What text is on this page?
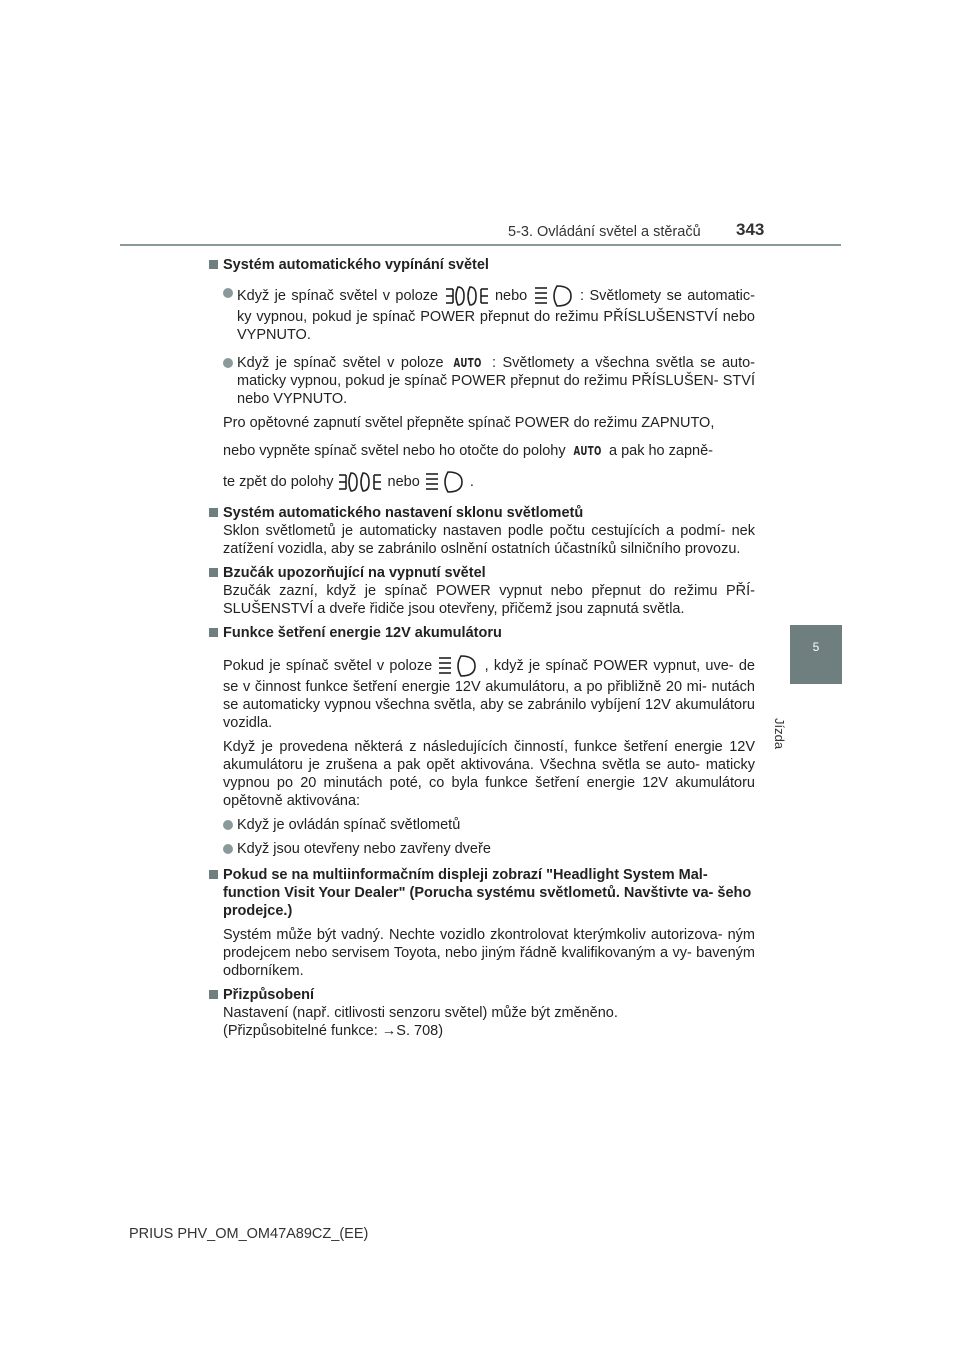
5-3. Ovládání světel a stěračů 343
5
Jízda

Systém automatického vypínání světel

Když je spínač světel v poloze	nebo	: Světlomety se automatic- ky vypnou, pokud je spínač POWER přepnut do režimu PŘÍSLUŠENSTVÍ nebo VYPNUTO.

Když je spínač světel v poloze AUTO : Světlomety a všechna světla se auto- maticky vypnou, pokud je spínač POWER přepnut do režimu PŘÍSLUŠEN- STVÍ nebo VYPNUTO.

Pro opětovné zapnutí světel přepněte spínač POWER do režimu ZAPNUTO,

nebo vypněte spínač světel nebo ho otočte do polohy AUTO a pak ho zapně-

te zpět do polohy	nebo	.

Systém automatického nastavení sklonu světlometů

Sklon světlometů je automaticky nastaven podle počtu cestujících a podmí- nek zatížení vozidla, aby se zabránilo oslnění ostatních účastníků silničního provozu.

Bzučák upozorňující na vypnutí světel

Bzučák zazní, když je spínač POWER vypnut nebo přepnut do režimu PŘÍ- SLUŠENSTVÍ a dveře řidiče jsou otevřeny, přičemž jsou zapnutá světla.

Funkce šetření energie 12V akumulátoru

Pokud je spínač světel v poloze	, když je spínač POWER vypnut, uve- de se v činnost funkce šetření energie 12V akumulátoru, a po přibližně 20 mi- nutách se automaticky vypnou všechna světla, aby se zabránilo vybíjení 12V akumulátoru vozidla.

Když je provedena některá z následujících činností, funkce šetření energie 12V akumulátoru je zrušena a pak opět aktivována. Všechna světla se auto- maticky vypnou po 20 minutách poté, co byla funkce šetření energie 12V akumulátoru opětovně aktivována:

Když je ovládán spínač světlometů

Když jsou otevřeny nebo zavřeny dveře

Pokud se na multiinformačním displeji zobrazí "Headlight System Mal- function Visit Your Dealer" (Porucha systému světlometů. Navštivte va- šeho prodejce.)

Systém může být vadný. Nechte vozidlo zkontrolovat kterýmkoliv autorizova- ným prodejcem nebo servisem Toyota, nebo jiným řádně kvalifikovaným a vy- baveným odborníkem.

Přizpůsobení

Nastavení (např. citlivosti senzoru světel) může být změněno.

(Přizpůsobitelné funkce: →S. 708)

PRIUS PHV_OM_OM47A89CZ_(EE)
